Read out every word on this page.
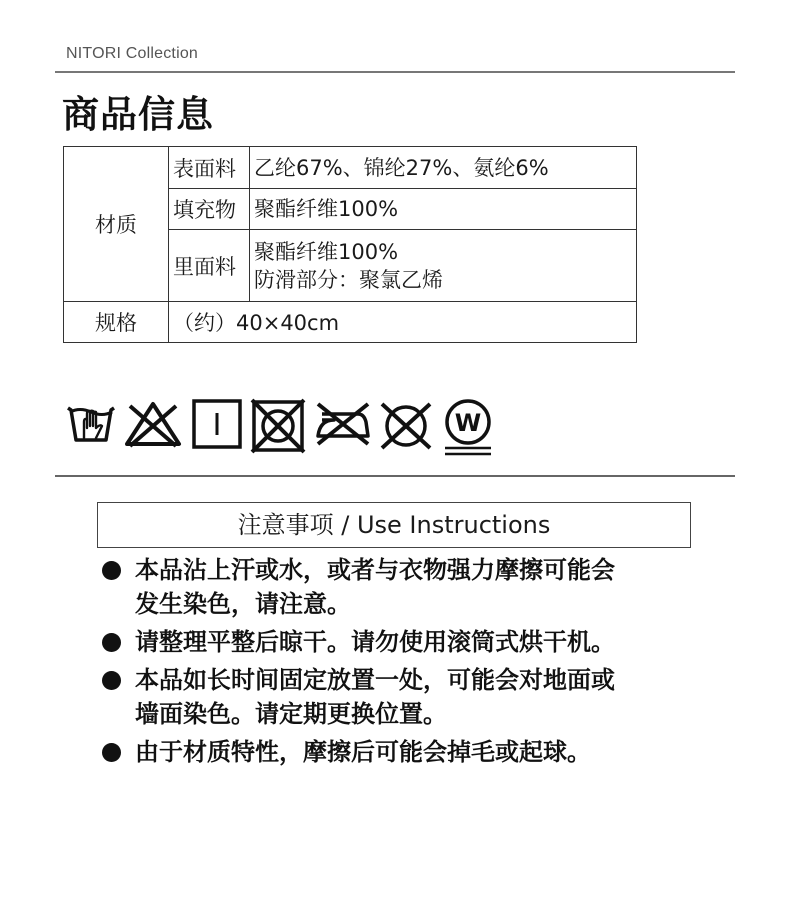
NITORI Collection
商品信息
材质	表面料	乙纶67%、锦纶27%、氨纶6%

	填充物	聚酯纤维100%

	里面料	聚酯纤维100%
防滑部分：聚氯乙烯

规格	（约）40×40cm	
W
注意事项 / Use Instructions
本品沾上汗或水，或者与衣物强力摩擦可能会
发生染色，请注意。
请整理平整后晾干。请勿使用滚筒式烘干机。
本品如长时间固定放置一处，可能会对地面或
墙面染色。请定期更换位置。
由于材质特性，摩擦后可能会掉毛或起球。
